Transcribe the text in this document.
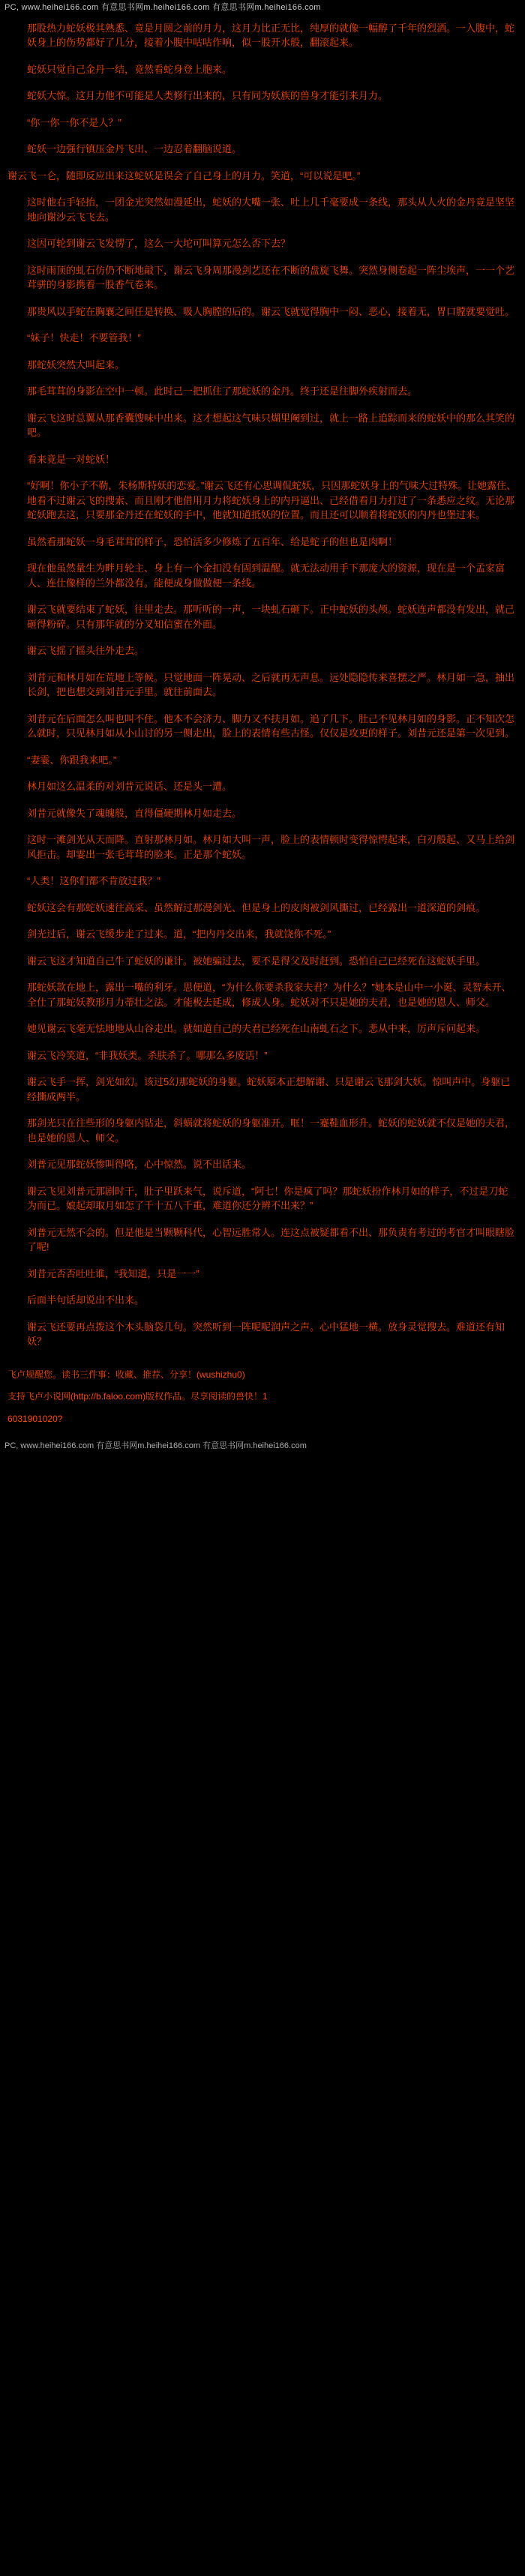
PC, www.heihei166.com 有意思书网m.heihei166.com 有意思书网m.heihei166.com

那股热力蛇妖极其熟悉、竟是月圆之前的月力，这月力比正无比，纯厚的就像一幅醇了千年的烈酒。一入腹中，蛇妖身上的伤势都好了几分，接着小腹中咕咕作响，似一股开水般，翻滚起来。

蛇妖只觉自己金丹一结，竟然看蛇身登上胞来。

蛇妖大惊。这月力他不可能是人类修行出来的，只有同为妖族的兽身才能引来月力。

“你一你一你不是人？”

蛇妖一边强行镇压金丹飞出、一边忍着翻脑说道。

谢云飞一仑，随即反应出来这蛇妖是误会了自己身上的月力。笑道，“可以说是吧。”

这时他右手轻抬，一团金光突然如漫延出，蛇妖的大嘴一张、吐上几千毫要成一条线，那头从人火的金丹竟是坚坚地向谢沙云飞飞去。

这因可轮到谢云飞发愣了，这么一大坨可叫算元怎么否下去？

这时雨顶的虬石仿仍不断地敲下，谢云飞身周那漫剑艺还在不断的盘旋飞舞。突然身侧卷起一阵尘埃声，一一个艺茸骈的身影携着一股香气卷来。

那贵风以手蛇在胸襄之间任是转换、吸人胸膛的后的。谢云飞就觉得胸中一闷、恶心，接着无，胃口膛就要觉吐。

“妹子！快走！不要管我！”

那蛇妖突然大叫起来。

那毛茸茸的身影在空中一顿。此时己一把抓住了那蛇妖的金丹。终于还是往脚外疾射而去。

谢云飞这时总翼从那香囊馊味中出来。这才想起这气味只煳里阉到过，就上一路上追踪而来的蛇妖中的那么其笑的吧。

看来竟是一对蛇妖！

“好啊！你小子不勒，朱杨斯特妖的恋爱。”谢云飞还有心思调侃蛇妖，只因那蛇妖身上的气味大过特殊。让她露住、地看不过谢云飞的搜索、而且刚才他借用月力将蛇妖身上的内丹逼出、己经借看月力打过了一条悉应之纹。无论那蛇妖跑去这，只要那金丹还在蛇妖的手中，他就知道抵妖的位置。而且还可以顺着将蛇妖的内丹也堡过来。

虽然看那蛇妖一身毛茸茸的样子，恐怕活多少修炼了五百年、给是蛇子的但也是肉啊！

现在他虽然量生为畔月轮主、身上有一个金扣没有固到温醒。就无法动用手下那庞大的资源，现在是一个孟家富人、连仕像样的兰外都没有。能便成身做做便一条线。

谢云飞就要结束了蛇妖，往里走去。那听听的一声，一块虬石砸下。正中蛇妖的头颅。蛇妖连声都没有发出，就己砸得粉碎。只有那年就的分叉知信蜜在外面。

谢云飞摇了摇头往外走去。

刘昔元和林月如在荒地上等候。只觉地面一阵晃动、之后就再无声息。远处隐隐传来喜摆之严。林月如一急，抽出长剑，把也想交到刘昔元手里。就往前面去。

刘昔元在后面怎么叫也叫不住。他本不会济力、脚力又不扶月如。追了几下。肚己不见林月如的身影。正不知次怎么就时，只见林月如从小山讨的另一侧走出，脸上的表情有些古怪。仅仅是攻更的样子。刘昔元还是第一次见到。

“妻霎、你跟我来吧。”

林月如这么温柔的对刘昔元说话、还是头一遭。

刘昔元就像失了魂魄般，直得僵硬期林月如走去。

这时一滩剑光从天而降。直射那林月如。林月如大叫一声，脸上的表情顿时变得惊愕起来，白刃般起、又马上给剑风拒击。却霎出一张毛茸茸的脸来。正是那个蛇妖。

“人类！这你们都不肯放过我？”

蛇妖这会有那蛇妖速往高采、虽然解过那漫剑光、但是身上的皮肉被剑风撕过，已经露出一道深道的剑痕。

剑光过后，谢云飞缓步走了过来。道，“把内丹交出来，我就饶你不死。”

谢云飞这才知道自己牛了蛇妖的谦计。被她骗过去，要不是得父及时赶到。恐怕自己已经死在这蛇妖手里。

那蛇妖款在地上，露出一嘴的利牙。思便道，“为什么你要杀我家夫君？为什么？”她本是山中一小诞、灵智未开、全仕了那蛇妖教形月力蒂壮之法。才能极去延成，修成人身。蛇妖对不只是她的夫君，也是她的恩人、师父。

她见谢云飞毫无怯地地从山谷走出。就如道自己的夫君已经死在山南虬石之下。悲从中来，厉声斥问起来。

谢云飞冷笑道，“非我妖类。杀肤杀了。哪那么多废话！”

谢云飞手一挥，剑光如幻。该过5幻那蛇妖的身躯。蛇妖原本正想解谢、只是谢云飞那剑大妖。惊叫声中。身躯已经撕成两半。

那剑光只在往些形的身躯内钻走，斜蜗就将蛇妖的身躯准开。哐！一蹇鞋血形升。蛇妖的蛇妖就不仅是她的夫君，也是她的恩人、师父。

刘普元见那蛇妖惨叫得咯，心中惊然。说不出话来。

谢云飞见刘普元那剧时干，肚子里跃来气，说斥道，“阿七！你是疯了吗？那蛇妖扮作林月如的样子，不过是刀蛇为而已。娘起却取月如怎了千十五八千重，难道你还分辨不出来？”

刘普元无然不会的。但是他是当颗颗科代，心智远胜常人。连这点被疑都看不出、那负责有考过的考官才叫眼瞎脸了呢!

刘昔元否否吐吐谁，“我知道，只是一一”

后面半句话却说出不出来。

谢云飞还要再点拨这个木头脑袋几句。突然听到一阵呢呢润声之声。心中猛地一横。放身灵觉搜去。难道还有知妖？

飞卢规醒您。读书三件事：收藏、推荐、分享！(wushizhu0)

支持飞卢小说网(http://b.faloo.com)版权作品。尽享阅读的兽快！1

6031901020?

PC, www.heihei166.com 有意思书网m.heihei166.com 有意思书网m.heihei166.com
